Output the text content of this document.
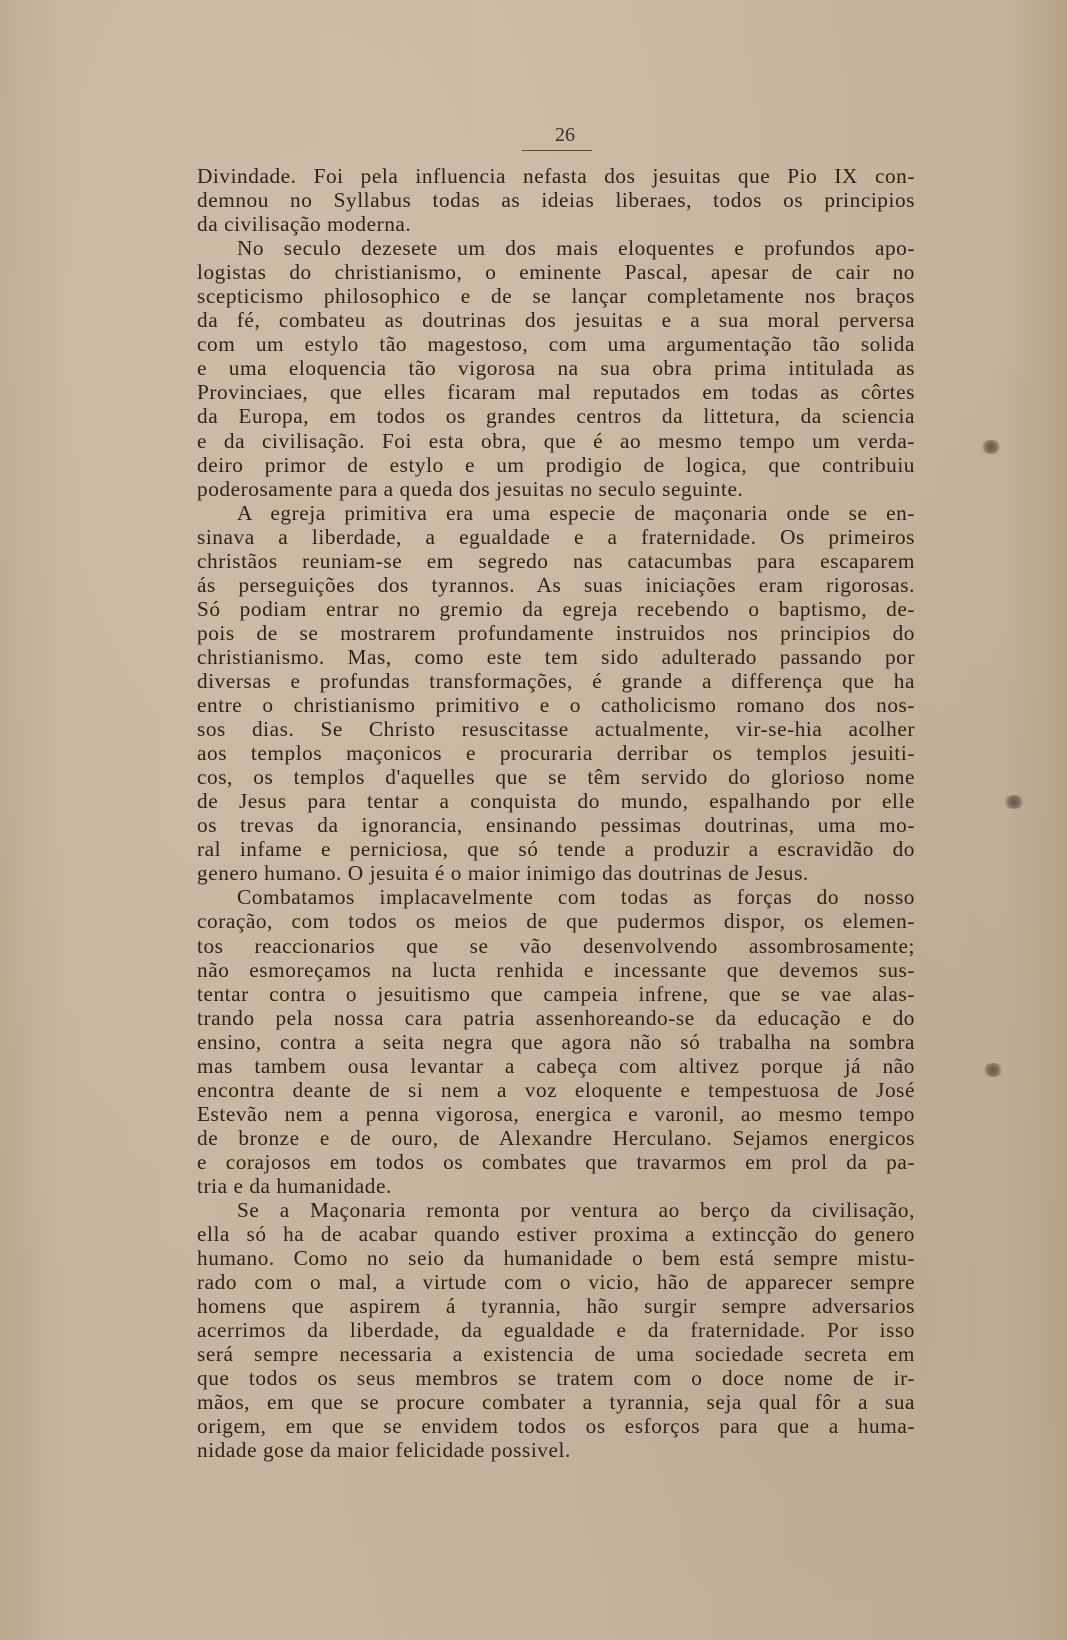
26

Divindade. Foi pela influencia nefasta dos jesuitas que Pio IX con-
demnou no Syllabus todas as ideias liberaes, todos os principios
da civilisação moderna.

No seculo dezesete um dos mais eloquentes e profundos apo-
logistas do christianismo, o eminente Pascal, apesar de cair no
scepticismo philosophico e de se lançar completamente nos braços
da fé, combateu as doutrinas dos jesuitas e a sua moral perversa
com um estylo tão magestoso, com uma argumentação tão solida
e uma eloquencia tão vigorosa na sua obra prima intitulada as
Provinciaes, que elles ficaram mal reputados em todas as côrtes
da Europa, em todos os grandes centros da littetura, da sciencia
e da civilisação. Foi esta obra, que é ao mesmo tempo um verda-
deiro primor de estylo e um prodigio de logica, que contribuiu
poderosamente para a queda dos jesuitas no seculo seguinte.

A egreja primitiva era uma especie de maçonaria onde se en-
sinava a liberdade, a egualdade e a fraternidade. Os primeiros
christãos reuniam-se em segredo nas catacumbas para escaparem
ás perseguições dos tyrannos. As suas iniciações eram rigorosas.
Só podiam entrar no gremio da egreja recebendo o baptismo, de-
pois de se mostrarem profundamente instruidos nos principios do
christianismo. Mas, como este tem sido adulterado passando por
diversas e profundas transformações, é grande a differença que ha
entre o christianismo primitivo e o catholicismo romano dos nos-
sos dias. Se Christo resuscitasse actualmente, vir-se-hia acolher
aos templos maçonicos e procuraria derribar os templos jesuiti-
cos, os templos d'aquelles que se têm servido do glorioso nome
de Jesus para tentar a conquista do mundo, espalhando por elle
os trevas da ignorancia, ensinando pessimas doutrinas, uma mo-
ral infame e perniciosa, que só tende a produzir a escravidão do
genero humano. O jesuita é o maior inimigo das doutrinas de Jesus.

Combatamos implacavelmente com todas as forças do nosso
coração, com todos os meios de que pudermos dispor, os elemen-
tos reaccionarios que se vão desenvolvendo assombrosamente;
não esmoreçamos na lucta renhida e incessante que devemos sus-
tentar contra o jesuitismo que campeia infrene, que se vae alas-
trando pela nossa cara patria assenhoreando-se da educação e do
ensino, contra a seita negra que agora não só trabalha na sombra
mas tambem ousa levantar a cabeça com altivez porque já não
encontra deante de si nem a voz eloquente e tempestuosa de José
Estevão nem a penna vigorosa, energica e varonil, ao mesmo tempo
de bronze e de ouro, de Alexandre Herculano. Sejamos energicos
e corajosos em todos os combates que travarmos em prol da pa-
tria e da humanidade.

Se a Maçonaria remonta por ventura ao berço da civilisação,
ella só ha de acabar quando estiver proxima a extincção do genero
humano. Como no seio da humanidade o bem está sempre mistu-
rado com o mal, a virtude com o vicio, hão de apparecer sempre
homens que aspirem á tyrannia, hão surgir sempre adversarios
acerrimos da liberdade, da egualdade e da fraternidade. Por isso
será sempre necessaria a existencia de uma sociedade secreta em
que todos os seus membros se tratem com o doce nome de ir-
mãos, em que se procure combater a tyrannia, seja qual fôr a sua
origem, em que se envidem todos os esforços para que a huma-
nidade gose da maior felicidade possivel.
